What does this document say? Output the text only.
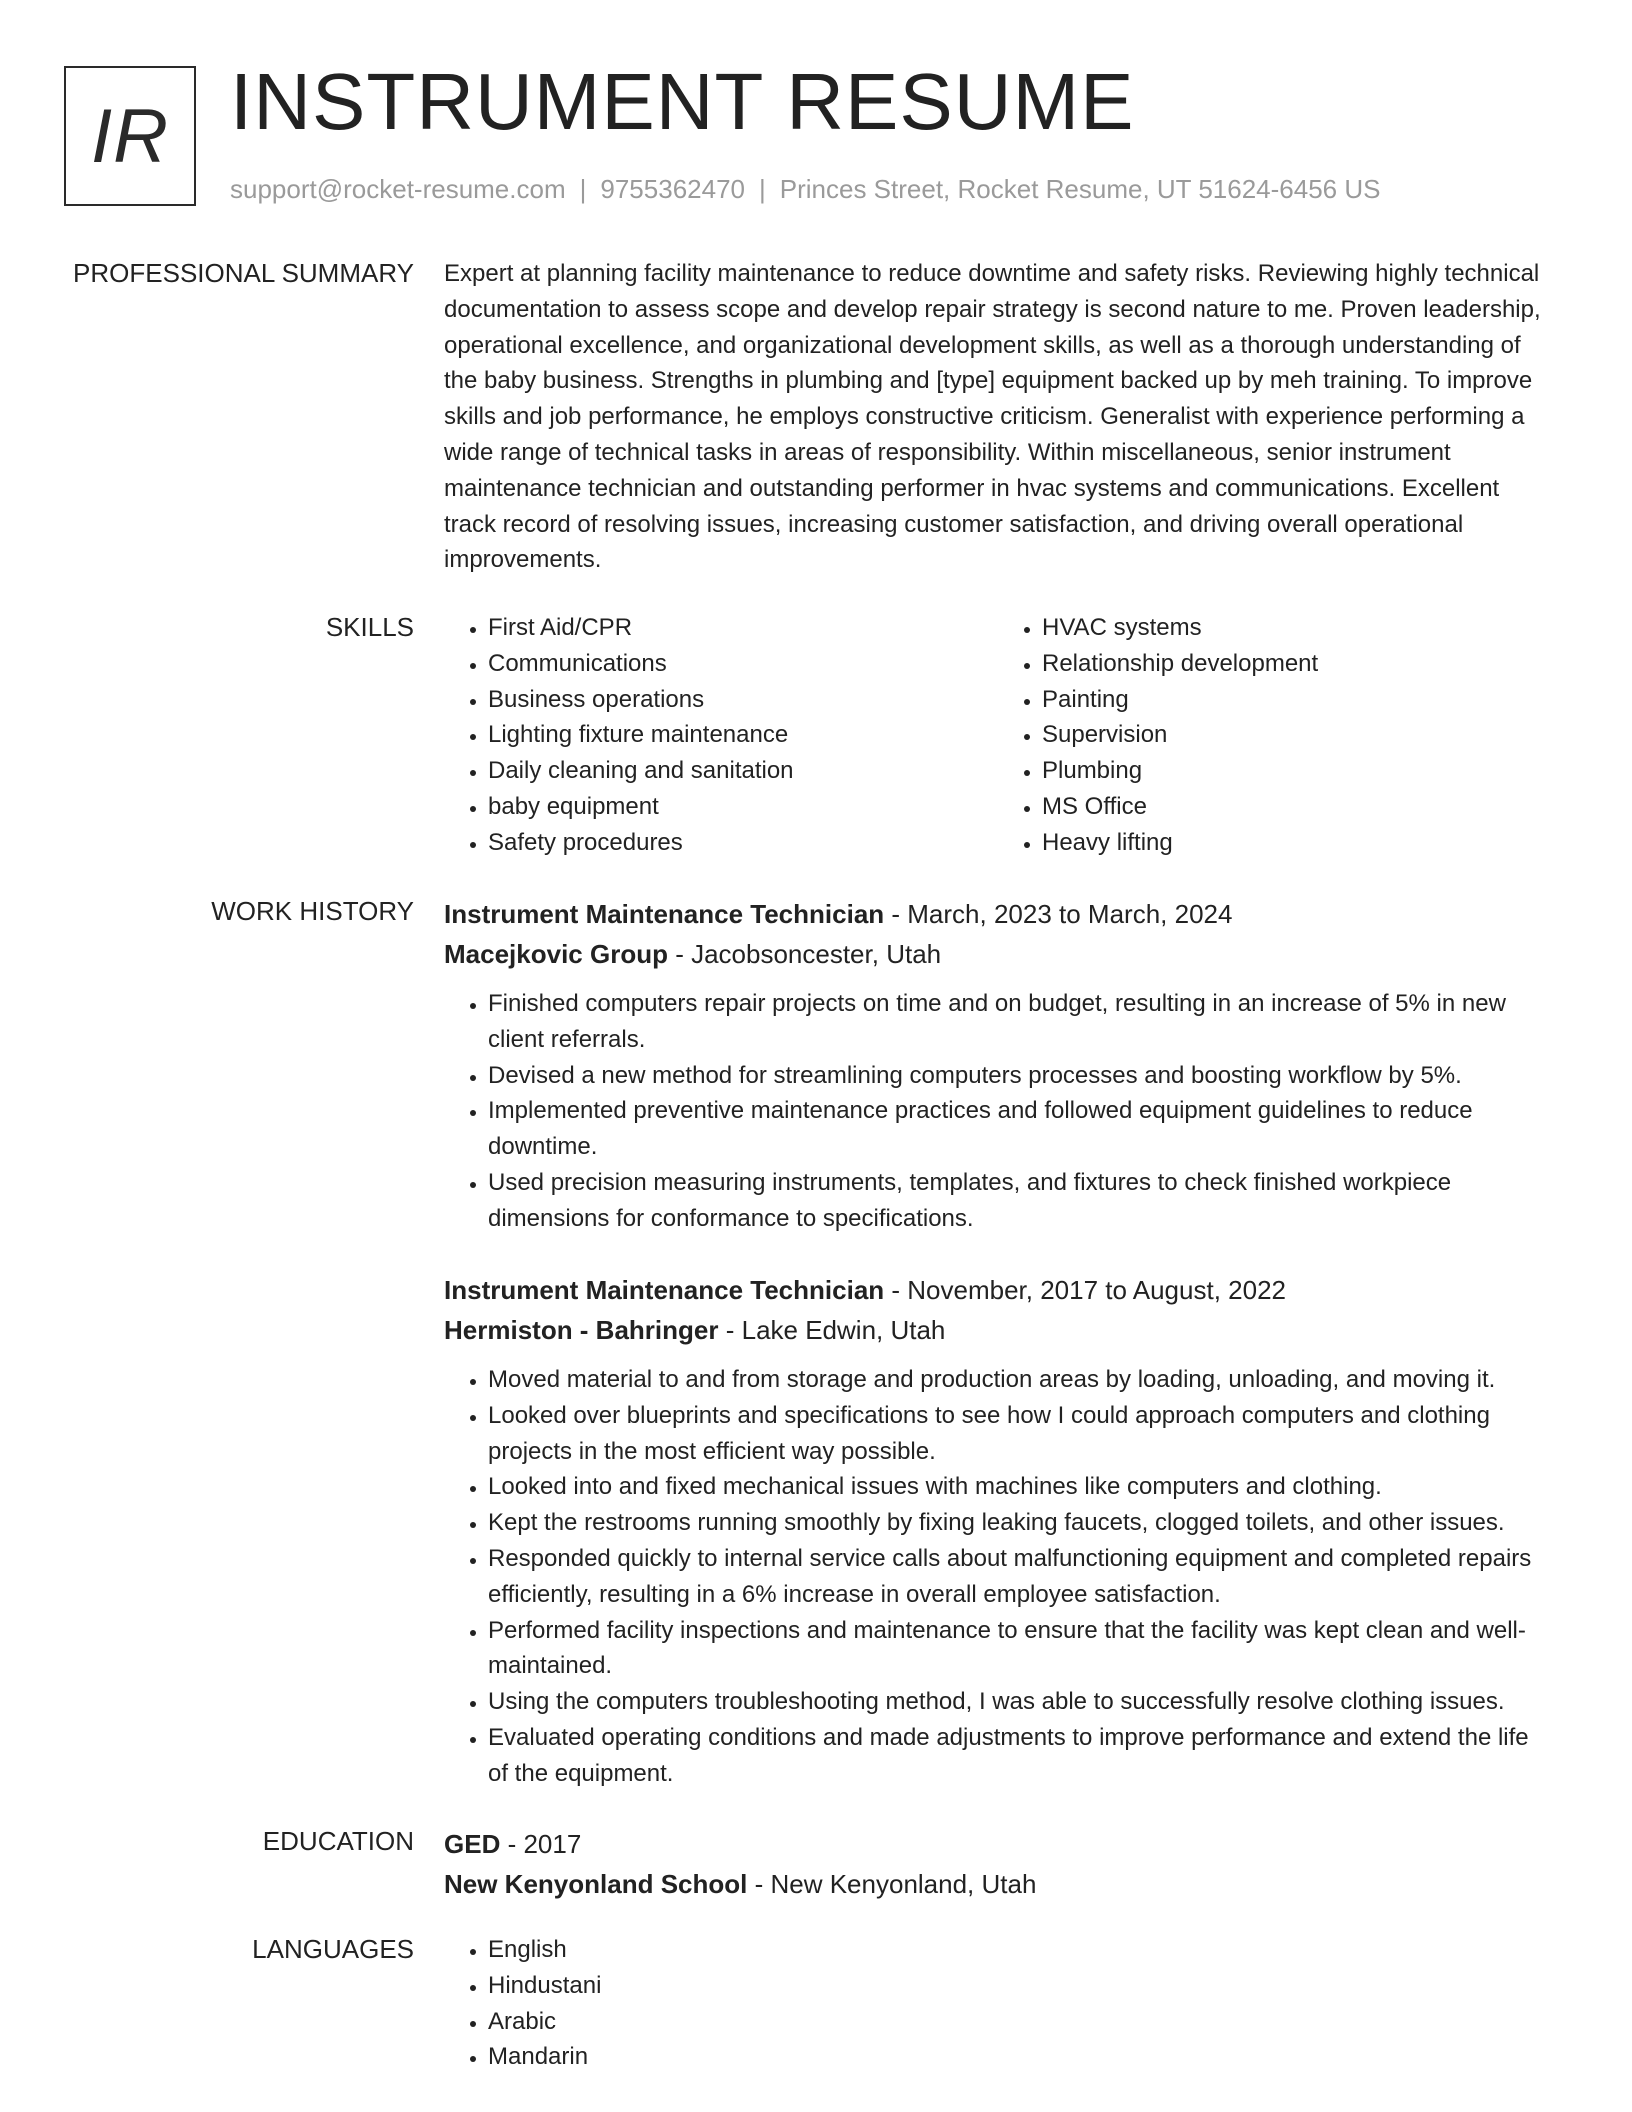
IR INSTRUMENT RESUME
support@rocket-resume.com | 9755362470 | Princes Street, Rocket Resume, UT 51624-6456 US
PROFESSIONAL SUMMARY Expert at planning facility maintenance to reduce downtime and safety risks. Reviewing highly technical documentation to assess scope and develop repair strategy is second nature to me. Proven leadership, operational excellence, and organizational development skills, as well as a thorough understanding of the baby business. Strengths in plumbing and [type] equipment backed up by meh training. To improve skills and job performance, he employs constructive criticism. Generalist with experience performing a wide range of technical tasks in areas of responsibility. Within miscellaneous, senior instrument maintenance technician and outstanding performer in hvac systems and communications. Excellent track record of resolving issues, increasing customer satisfaction, and driving overall operational improvements.

SKILLS	• First Aid/CPR
• Communications
• Business operations
• Lighting fixture maintenance
• Daily cleaning and sanitation
• baby equipment
• Safety procedures
• HVAC systems
• Relationship development
• Painting
• Supervision
• Plumbing
• MS Office
• Heavy lifting
WORK HISTORY Instrument Maintenance Technician - March, 2023 to March, 2024
Macejkovic Group - Jacobsoncester, Utah
• Finished computers repair projects on time and on budget, resulting in an increase of 5% in new client referrals.
• Devised a new method for streamlining computers processes and boosting workflow by 5%.
• Implemented preventive maintenance practices and followed equipment guidelines to reduce downtime.
• Used precision measuring instruments, templates, and fixtures to check finished workpiece dimensions for conformance to specifications.
Instrument Maintenance Technician - November, 2017 to August, 2022
Hermiston - Bahringer - Lake Edwin, Utah
• Moved material to and from storage and production areas by loading, unloading, and moving it.
• Looked over blueprints and specifications to see how I could approach computers and clothing projects in the most efficient way possible.
• Looked into and fixed mechanical issues with machines like computers and clothing.
• Kept the restrooms running smoothly by fixing leaking faucets, clogged toilets, and other issues.
• Responded quickly to internal service calls about malfunctioning equipment and completed repairs efficiently, resulting in a 6% increase in overall employee satisfaction.
• Performed facility inspections and maintenance to ensure that the facility was kept clean and well-maintained.
• Using the computers troubleshooting method, I was able to successfully resolve clothing issues.
• Evaluated operating conditions and made adjustments to improve performance and extend the life of the equipment.
EDUCATION GED - 2017
New Kenyonland School - New Kenyonland, Utah
LANGUAGES	• English
• Hindustani
• Arabic
• Mandarin
